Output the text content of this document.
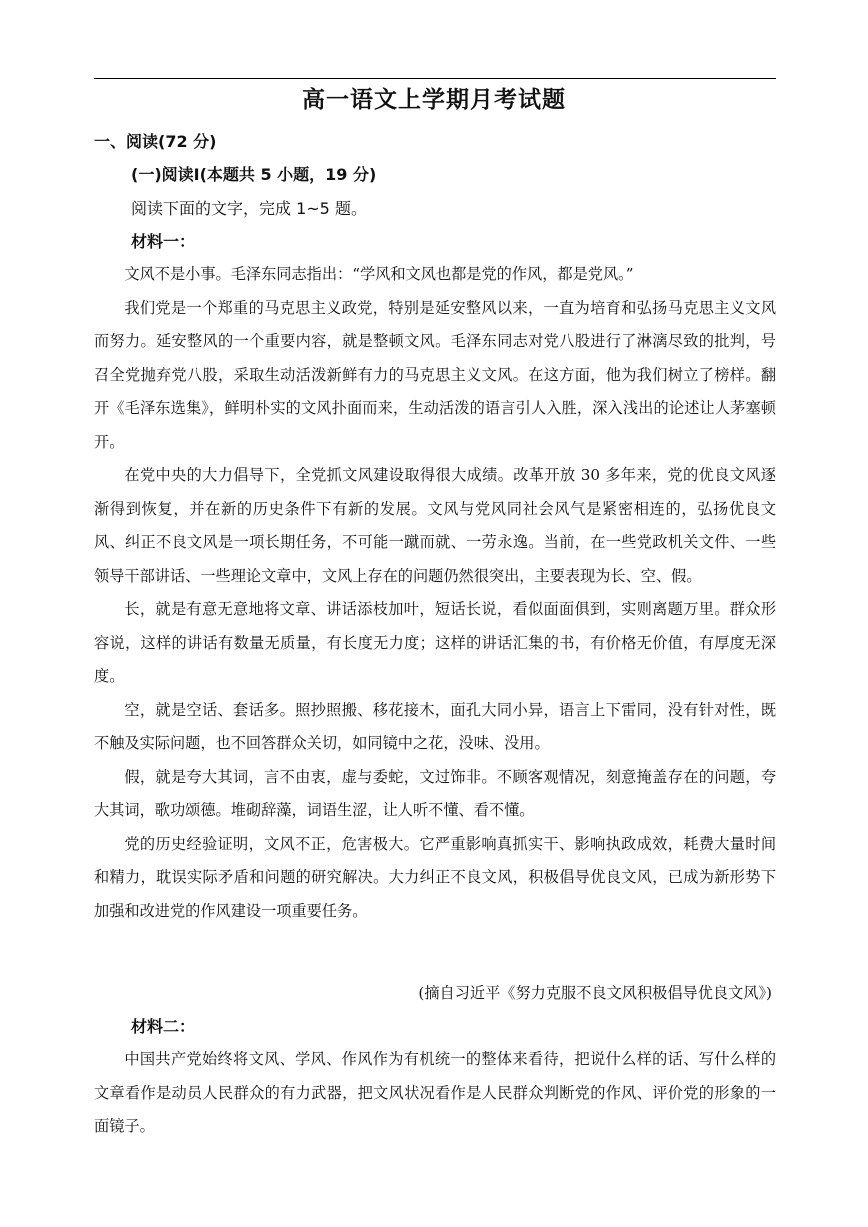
高一语文上学期月考试题
一、阅读(72 分)
(一)阅读Ⅰ(本题共 5 小题，19 分)
阅读下面的文字，完成 1~5 题。
材料一：

文风不是小事。毛泽东同志指出：“学风和文风也都是党的作风，都是党风。”

我们党是一个郑重的马克思主义政党，特别是延安整风以来，一直为培育和弘扬马克思主义文风而努力。延安整风的一个重要内容，就是整顿文风。毛泽东同志对党八股进行了淋漓尽致的批判，号召全党抛弃党八股，采取生动活泼新鲜有力的马克思主义文风。在这方面，他为我们树立了榜样。翻开《毛泽东选集》，鲜明朴实的文风扑面而来，生动活泼的语言引人入胜，深入浅出的论述让人茅塞顿开。

在党中央的大力倡导下，全党抓文风建设取得很大成绩。改革开放 30 多年来，党的优良文风逐渐得到恢复，并在新的历史条件下有新的发展。文风与党风同社会风气是紧密相连的，弘扬优良文风、纠正不良文风是一项长期任务，不可能一蹴而就、一劳永逸。当前，在一些党政机关文件、一些领导干部讲话、一些理论文章中，文风上存在的问题仍然很突出，主要表现为长、空、假。

长，就是有意无意地将文章、讲话添枝加叶，短话长说，看似面面俱到，实则离题万里。群众形容说，这样的讲话有数量无质量，有长度无力度；这样的讲话汇集的书，有价格无价值，有厚度无深度。

空，就是空话、套话多。照抄照搬、移花接木，面孔大同小异，语言上下雷同，没有针对性，既不触及实际问题，也不回答群众关切，如同镜中之花，没味、没用。

假，就是夸大其词，言不由衷，虚与委蛇，文过饰非。不顾客观情况，刻意掩盖存在的问题，夸大其词，歌功颂德。堆砌辞藻，词语生涩，让人听不懂、看不懂。

党的历史经验证明，文风不正，危害极大。它严重影响真抓实干、影响执政成效，耗费大量时间和精力，耽误实际矛盾和问题的研究解决。大力纠正不良文风，积极倡导优良文风，已成为新形势下加强和改进党的作风建设一项重要任务。

(摘自习近平《努力克服不良文风积极倡导优良文风》)
材料二：

中国共产党始终将文风、学风、作风作为有机统一的整体来看待，把说什么样的话、写什么样的文章看作是动员人民群众的有力武器，把文风状况看作是人民群众判断党的作风、评价党的形象的一面镜子。
